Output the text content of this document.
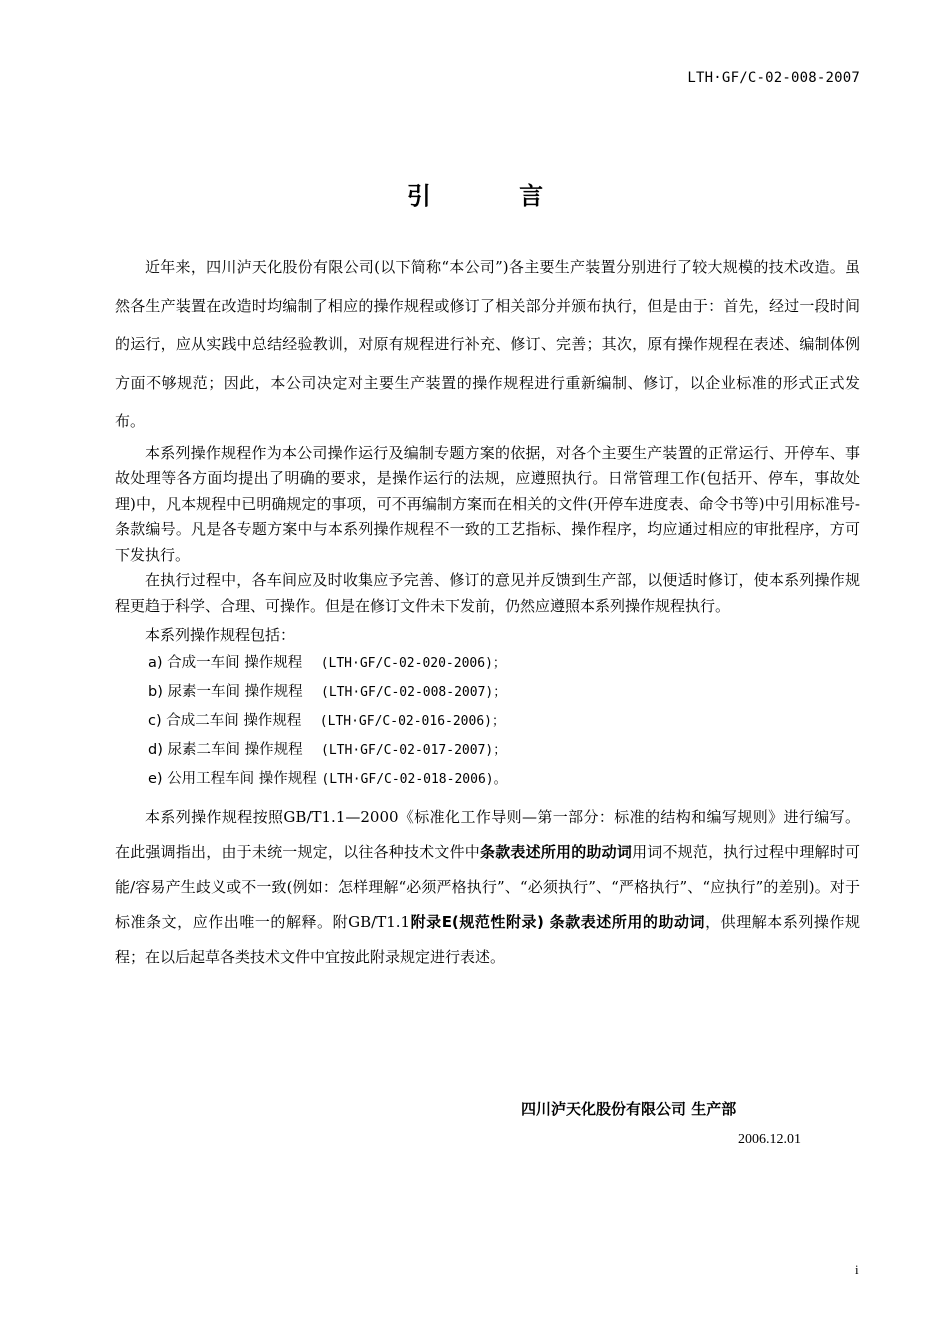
LTH·GF/C-02-008-2007
引 言

近年来，四川泸天化股份有限公司(以下简称“本公司”)各主要生产装置分别进行了较大规模的技术改造。虽然各生产装置在改造时均编制了相应的操作规程或修订了相关部分并颁布执行，但是由于：首先，经过一段时间的运行，应从实践中总结经验教训，对原有规程进行补充、修订、完善；其次，原有操作规程在表述、编制体例方面不够规范；因此，本公司决定对主要生产装置的操作规程进行重新编制、修订，以企业标准的形式正式发布。

本系列操作规程作为本公司操作运行及编制专题方案的依据，对各个主要生产装置的正常运行、开停车、事故处理等各方面均提出了明确的要求，是操作运行的法规，应遵照执行。日常管理工作(包括开、停车，事故处理)中，凡本规程中已明确规定的事项，可不再编制方案而在相关的文件(开停车进度表、命令书等)中引用标准号-条款编号。凡是各专题方案中与本系列操作规程不一致的工艺指标、操作程序，均应通过相应的审批程序，方可下发执行。

在执行过程中，各车间应及时收集应予完善、修订的意见并反馈到生产部，以便适时修订，使本系列操作规程更趋于科学、合理、可操作。但是在修订文件未下发前，仍然应遵照本系列操作规程执行。

本系列操作规程包括：

a) 合成一车间 操作规程 (LTH·GF/C-02-020-2006)；
b) 尿素一车间 操作规程 (LTH·GF/C-02-008-2007)；
c) 合成二车间 操作规程 (LTH·GF/C-02-016-2006)；
d) 尿素二车间 操作规程 (LTH·GF/C-02-017-2007)；
e) 公用工程车间 操作规程 (LTH·GF/C-02-018-2006)。

本系列操作规程按照GB/T1.1—2000《标准化工作导则—第一部分：标准的结构和编写规则》进行编写。在此强调指出，由于未统一规定，以往各种技术文件中条款表述所用的助动词用词不规范，执行过程中理解时可能/容易产生歧义或不一致(例如：怎样理解“必须严格执行”、“必须执行”、“严格执行”、“应执行”的差别)。对于标准条文，应作出唯一的解释。附GB/T1.1附录E(规范性附录) 条款表述所用的助动词，供理解本系列操作规程；在以后起草各类技术文件中宜按此附录规定进行表述。

四川泸天化股份有限公司 生产部
2006.12.01
i
